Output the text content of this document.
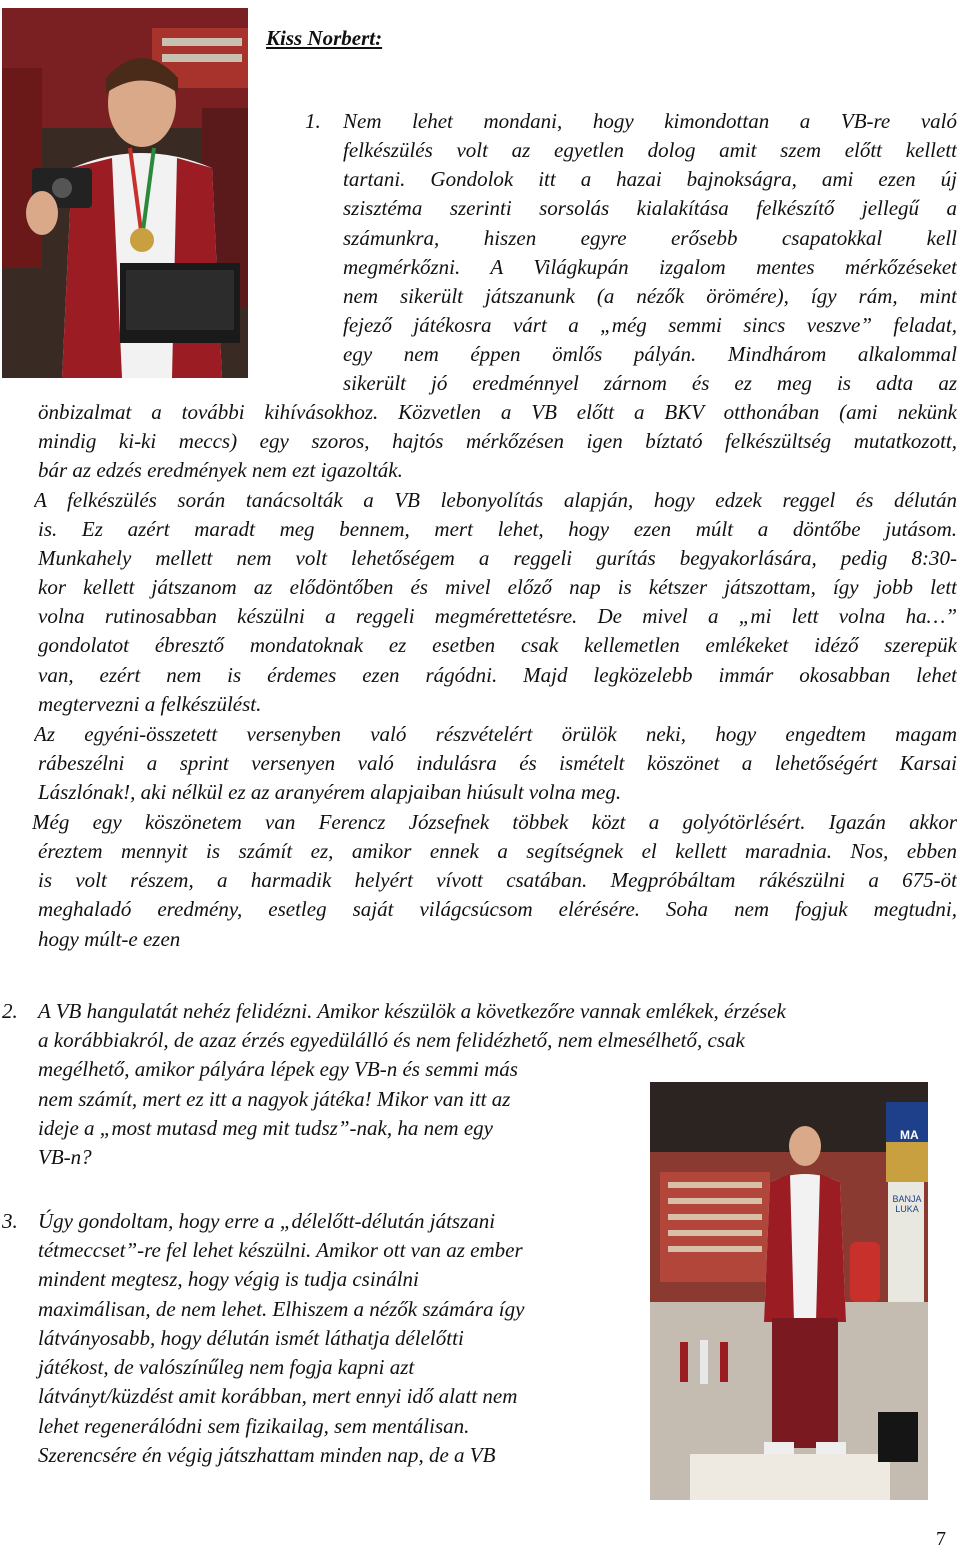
Kiss Norbert:
1. Nem lehet mondani, hogy kimondottan a VB-re való
felkészülés volt az egyetlen dolog amit szem előtt kellett
tartani. Gondolok itt a hazai bajnokságra, ami ezen új
szisztéma szerinti sorsolás kialakítása felkészítő jellegű a
számunkra, hiszen egyre erősebb csapatokkal kell
megmérkőzni. A Világkupán izgalom mentes mérkőzéseket
nem sikerült játszanunk (a nézők örömére), így rám, mint
fejező játékosra várt a „még semmi sincs veszve” feladat,
egy nem éppen ömlős pályán. Mindhárom alkalommal
sikerült jó eredménnyel zárnom és ez meg is adta az
önbizalmat a további kihívásokhoz. Közvetlen a VB előtt a BKV otthonában (ami nekünk
mindig ki-ki meccs) egy szoros, hajtós mérkőzésen igen bíztató felkészültség mutatkozott,
bár az edzés eredmények nem ezt igazolták.
A felkészülés során tanácsolták a VB lebonyolítás alapján, hogy edzek reggel és délután
is. Ez azért maradt meg bennem, mert lehet, hogy ezen múlt a döntőbe jutásom.
Munkahely mellett nem volt lehetőségem a reggeli gurítás begyakorlására, pedig 8:30-
kor kellett játszanom az elődöntőben és mivel előző nap is kétszer játszottam, így jobb lett
volna rutinosabban készülni a reggeli megmérettetésre. De mivel a „mi lett volna ha…”
gondolatot ébresztő mondatoknak ez esetben csak kellemetlen emlékeket idéző szerepük
van, ezért nem is érdemes ezen rágódni. Majd legközelebb immár okosabban lehet
megtervezni a felkészülést.
Az egyéni-összetett versenyben való részvételért örülök neki, hogy engedtem magam
rábeszélni a sprint versenyen való indulásra és ismételt köszönet a lehetőségért Karsai
Lászlónak!, aki nélkül ez az aranyérem alapjaiban hiúsult volna meg.
Még egy köszönetem van Ferencz Józsefnek többek közt a golyótörlésért. Igazán akkor
éreztem mennyit is számít ez, amikor ennek a segítségnek el kellett maradnia. Nos, ebben
is volt részem, a harmadik helyért vívott csatában. Megpróbáltam rákészülni a 675-öt
meghaladó eredmény, esetleg saját világcsúcsom elérésére. Soha nem fogjuk megtudni,
hogy múlt-e ezen
2. A VB hangulatát nehéz felidézni. Amikor készülök a következőre vannak emlékek, érzések
a korábbiakról, de azaz érzés egyedülálló és nem felidézhető, nem elmesélhető, csak
megélhető, amikor pályára lépek egy VB-n és semmi más
nem számít, mert ez itt a nagyok játéka! Mikor van itt az
ideje a „most mutasd meg mit tudsz”-nak, ha nem egy
VB-n?
BANJA LUKA
MA
3. Úgy gondoltam, hogy erre a „délelőtt-délután játszani
tétmeccset”-re fel lehet készülni. Amikor ott van az ember
mindent megtesz, hogy végig is tudja csinálni
maximálisan, de nem lehet. Elhiszem a nézők számára így
látványosabb, hogy délután ismét láthatja délelőtti
játékost, de valószínűleg nem fogja kapni azt
látványt/küzdést amit korábban, mert ennyi idő alatt nem
lehet regenerálódni sem fizikailag, sem mentálisan.
Szerencsére én végig játszhattam minden nap, de a VB
7
